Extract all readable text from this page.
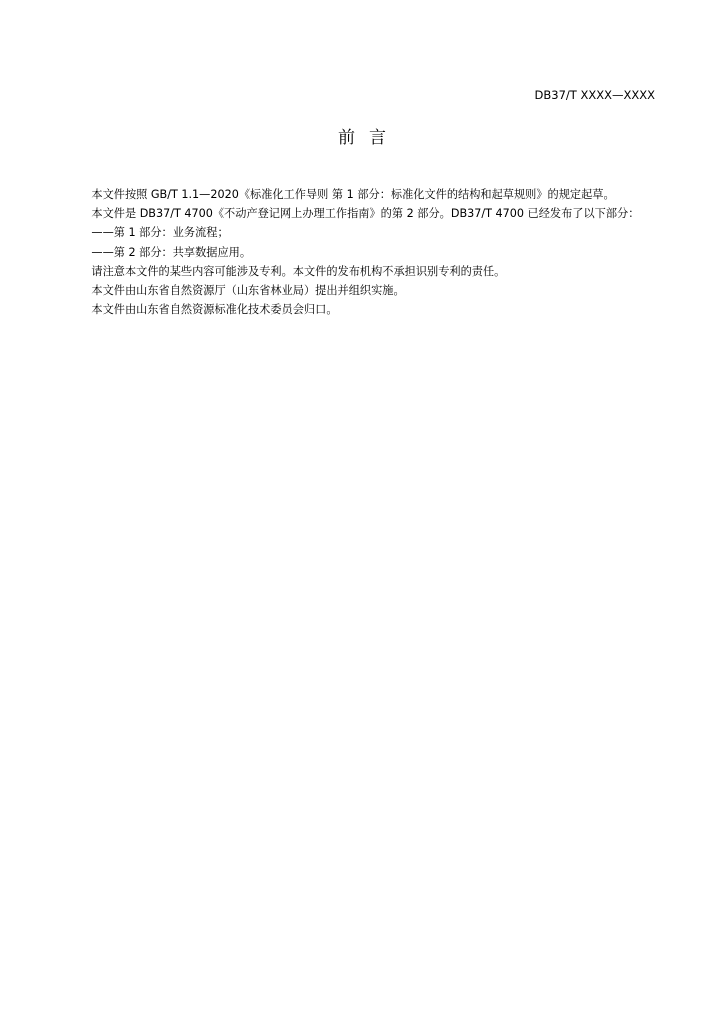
DB37/T XXXX—XXXX
前言

本文件按照 GB/T 1.1—2020《标准化工作导则 第 1 部分：标准化文件的结构和起草规则》的规定起草。

本文件是 DB37/T 4700《不动产登记网上办理工作指南》的第 2 部分。DB37/T 4700 已经发布了以下部分：

——第 1 部分：业务流程；

——第 2 部分：共享数据应用。

请注意本文件的某些内容可能涉及专利。本文件的发布机构不承担识别专利的责任。

本文件由山东省自然资源厅（山东省林业局）提出并组织实施。

本文件由山东省自然资源标准化技术委员会归口。
